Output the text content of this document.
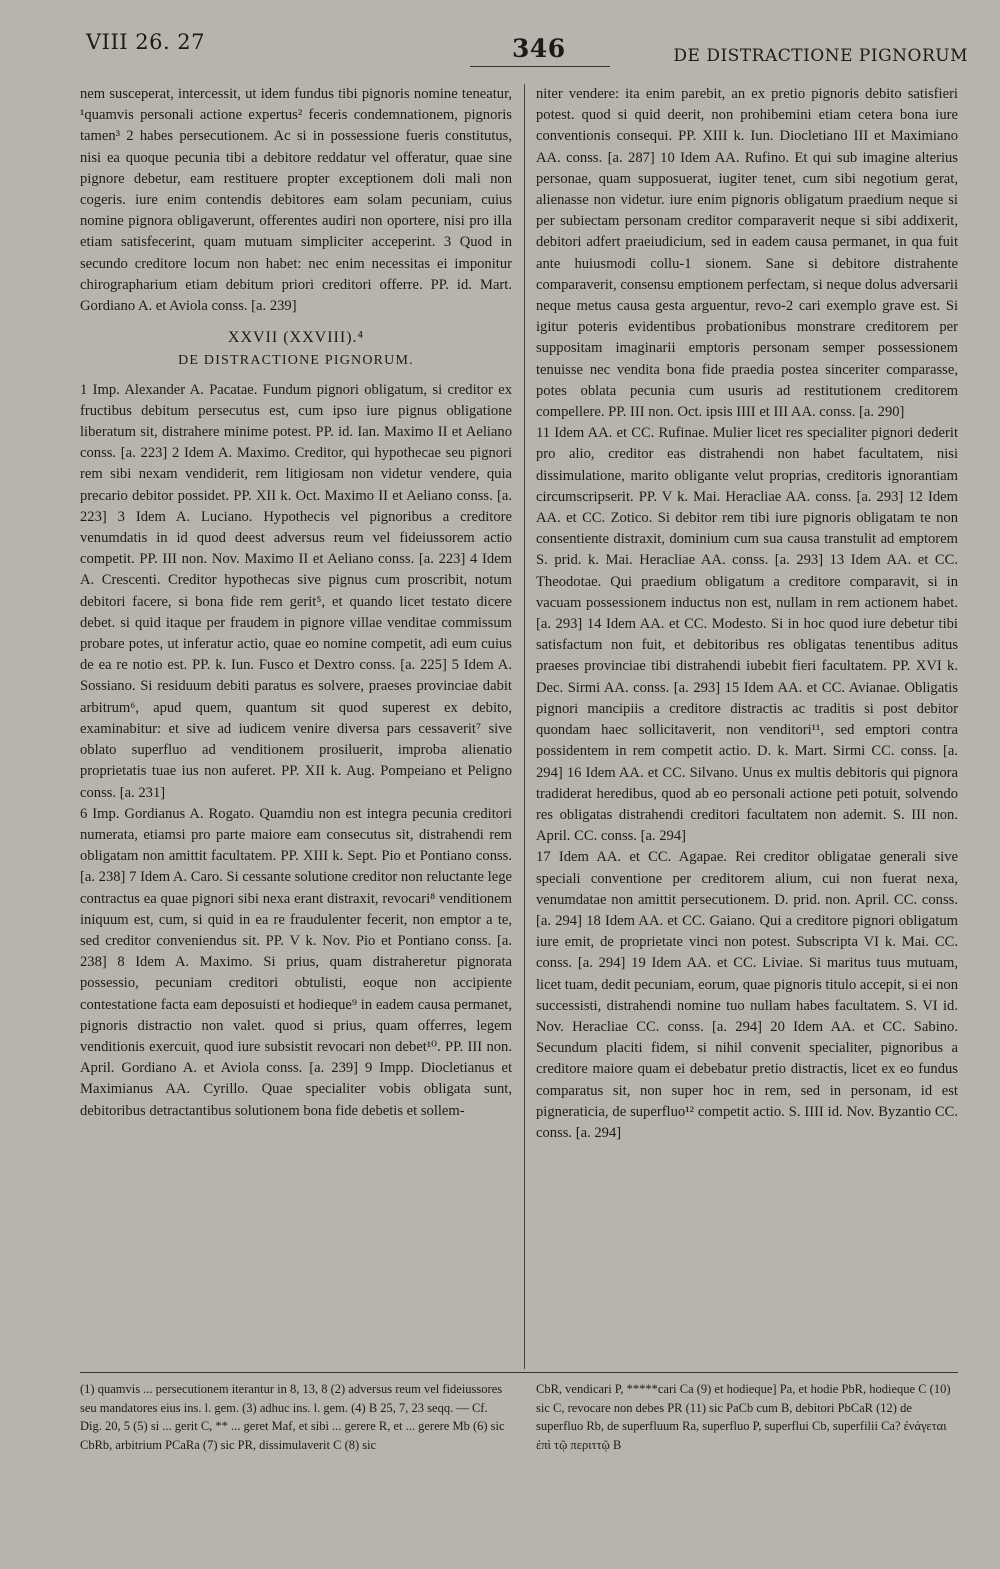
VIII 26. 27	346	DE DISTRACTIONE PIGNORUM

nem susceperat, intercessit, ut idem fundus tibi pignoris nomine teneatur, ¹quamvis personali actione expertus² feceris condemnationem, pignoris tamen³ 2 habes persecutionem. Ac si in possessione fueris constitutus, nisi ea quoque pecunia tibi a debitore reddatur vel offeratur, quae sine pignore debetur, eam restituere propter exceptionem doli mali non cogeris. iure enim contendis debitores eam solam pecuniam, cuius nomine pignora obligaverunt, offerentes audiri non oportere, nisi pro illa etiam satisfecerint, quam mutuam simpliciter acceperint. 3 Quod in secundo creditore locum non habet: nec enim necessitas ei imponitur chirographarium etiam debitum priori creditori offerre. PP. id. Mart. Gordiano A. et Aviola conss. [a. 239]

XXVII (XXVIII).⁴
DE DISTRACTIONE PIGNORUM.

1 Imp. Alexander A. Pacatae. Fundum pignori obligatum, si creditor ex fructibus debitum persecutus est, cum ipso iure pignus obligatione liberatum sit, distrahere minime potest. PP. id. Ian. Maximo II et Aeliano conss. [a. 223] 2 Idem A. Maximo. Creditor, qui hypothecae seu pignori rem sibi nexam vendiderit, rem litigiosam non videtur vendere, quia precario debitor possidet. PP. XII k. Oct. Maximo II et Aeliano conss. [a. 223] 3 Idem A. Luciano. Hypothecis vel pignoribus a creditore venumdatis in id quod deest adversus reum vel fideiussorem actio competit. PP. III non. Nov. Maximo II et Aeliano conss. [a. 223] 4 Idem A. Crescenti. Creditor hypothecas sive pignus cum proscribit, notum debitori facere, si bona fide rem gerit⁵, et quando licet testato dicere debet. si quid itaque per fraudem in pignore villae venditae commissum probare potes, ut inferatur actio, quae eo nomine competit, adi eum cuius de ea re notio est. PP. k. Iun. Fusco et Dextro conss. [a. 225] 5 Idem A. Sossiano. Si residuum debiti paratus es solvere, praeses provinciae dabit arbitrum⁶, apud quem, quantum sit quod superest ex debito, examinabitur: et sive ad iudicem venire diversa pars cessaverit⁷ sive oblato superfluo ad venditionem prosiluerit, improba alienatio proprietatis tuae ius non auferet. PP. XII k. Aug. Pompeiano et Peligno conss. [a. 231]

6 Imp. Gordianus A. Rogato. Quamdiu non est integra pecunia creditori numerata, etiamsi pro parte maiore eam consecutus sit, distrahendi rem obligatam non amittit facultatem. PP. XIII k. Sept. Pio et Pontiano conss. [a. 238] 7 Idem A. Caro. Si cessante solutione creditor non reluctante lege contractus ea quae pignori sibi nexa erant distraxit, revocari⁸ venditionem iniquum est, cum, si quid in ea re fraudulenter fecerit, non emptor a te, sed creditor conveniendus sit. PP. V k. Nov. Pio et Pontiano conss. [a. 238] 8 Idem A. Maximo. Si prius, quam distraheretur pignorata possessio, pecuniam creditori obtulisti, eoque non accipiente contestatione facta eam deposuisti et hodieque⁹ in eadem causa permanet, pignoris distractio non valet. quod si prius, quam offerres, legem venditionis exercuit, quod iure subsistit revocari non debet¹⁰. PP. III non. April. Gordiano A. et Aviola conss. [a. 239] 9 Impp. Diocletianus et Maximianus AA. Cyrillo. Quae specialiter vobis obligata sunt, debitoribus detractantibus solutionem bona fide debetis et sollem-

niter vendere: ita enim parebit, an ex pretio pignoris debito satisfieri potest. quod si quid deerit, non prohibemini etiam cetera bona iure conventionis consequi. PP. XIII k. Iun. Diocletiano III et Maximiano AA. conss. [a. 287] 10 Idem AA. Rufino. Et qui sub imagine alterius personae, quam supposuerat, iugiter tenet, cum sibi negotium gerat, alienasse non videtur. iure enim pignoris obligatum praedium neque si per subiectam personam creditor comparaverit neque si sibi addixerit, debitori adfert praeiudicium, sed in eadem causa permanet, in qua fuit ante huiusmodi collu-1 sionem. Sane si debitore distrahente comparaverit, consensu emptionem perfectam, si neque dolus adversarii neque metus causa gesta arguentur, revo-2 cari exemplo grave est. Si igitur poteris evidentibus probationibus monstrare creditorem per suppositam imaginarii emptoris personam semper possessionem tenuisse nec vendita bona fide praedia postea sinceriter comparasse, potes oblata pecunia cum usuris ad restitutionem creditorem compellere. PP. III non. Oct. ipsis IIII et III AA. conss. [a. 290]

11 Idem AA. et CC. Rufinae. Mulier licet res specialiter pignori dederit pro alio, creditor eas distrahendi non habet facultatem, nisi dissimulatione, marito obligante velut proprias, creditoris ignorantiam circumscripserit. PP. V k. Mai. Heracliae AA. conss. [a. 293] 12 Idem AA. et CC. Zotico. Si debitor rem tibi iure pignoris obligatam te non consentiente distraxit, dominium cum sua causa transtulit ad emptorem S. prid. k. Mai. Heracliae AA. conss. [a. 293] 13 Idem AA. et CC. Theodotae. Qui praedium obligatum a creditore comparavit, si in vacuam possessionem inductus non est, nullam in rem actionem habet. [a. 293] 14 Idem AA. et CC. Modesto. Si in hoc quod iure debetur tibi satisfactum non fuit, et debitoribus res obligatas tenentibus aditus praeses provinciae tibi distrahendi iubebit fieri facultatem. PP. XVI k. Dec. Sirmi AA. conss. [a. 293] 15 Idem AA. et CC. Avianae. Obligatis pignori mancipiis a creditore distractis ac traditis si post debitor quondam haec sollicitaverit, non venditori¹¹, sed emptori contra possidentem in rem competit actio. D. k. Mart. Sirmi CC. conss. [a. 294] 16 Idem AA. et CC. Silvano. Unus ex multis debitoris qui pignora tradiderat heredibus, quod ab eo personali actione peti potuit, solvendo res obligatas distrahendi creditori facultatem non ademit. S. III non. April. CC. conss. [a. 294]

17 Idem AA. et CC. Agapae. Rei creditor obligatae generali sive speciali conventione per creditorem alium, cui non fuerat nexa, venumdatae non amittit persecutionem. D. prid. non. April. CC. conss. [a. 294] 18 Idem AA. et CC. Gaiano. Qui a creditore pignori obligatum iure emit, de proprietate vinci non potest. Subscripta VI k. Mai. CC. conss. [a. 294] 19 Idem AA. et CC. Liviae. Si maritus tuus mutuam, licet tuam, dedit pecuniam, eorum, quae pignoris titulo accepit, si ei non successisti, distrahendi nomine tuo nullam habes facultatem. S. VI id. Nov. Heracliae CC. conss. [a. 294] 20 Idem AA. et CC. Sabino. Secundum placiti fidem, si nihil convenit specialiter, pignoribus a creditore maiore quam ei debebatur pretio distractis, licet ex eo fundus comparatus sit, non super hoc in rem, sed in personam, id est pigneraticia, de superfluo¹² competit actio. S. IIII id. Nov. Byzantio CC. conss. [a. 294]

(1) quamvis ... persecutionem iterantur in 8, 13, 8 (2) adversus reum vel fideiussores seu mandatores eius ins. l. gem. (3) adhuc ins. l. gem. (4) B 25, 7, 23 seqq. — Cf. Dig. 20, 5 (5) si ... gerit C, ** ... geret Maf, et sibi ... gerere R, et ... gerere Mb (6) sic CbRb, arbitrium PCaRa (7) sic PR, dissimulaverit C (8) sic

CbR, vendicari P, *****cari Ca (9) et hodieque] Pa, et hodie PbR, hodieque C (10) sic C, revocare non debes PR (11) sic PaCb cum B, debitori PbCaR (12) de superfluo Rb, de superfluum Ra, superfluo P, superflui Cb, superfilii Ca? ἐνάγεται ἐπὶ τῷ περιττῷ B
